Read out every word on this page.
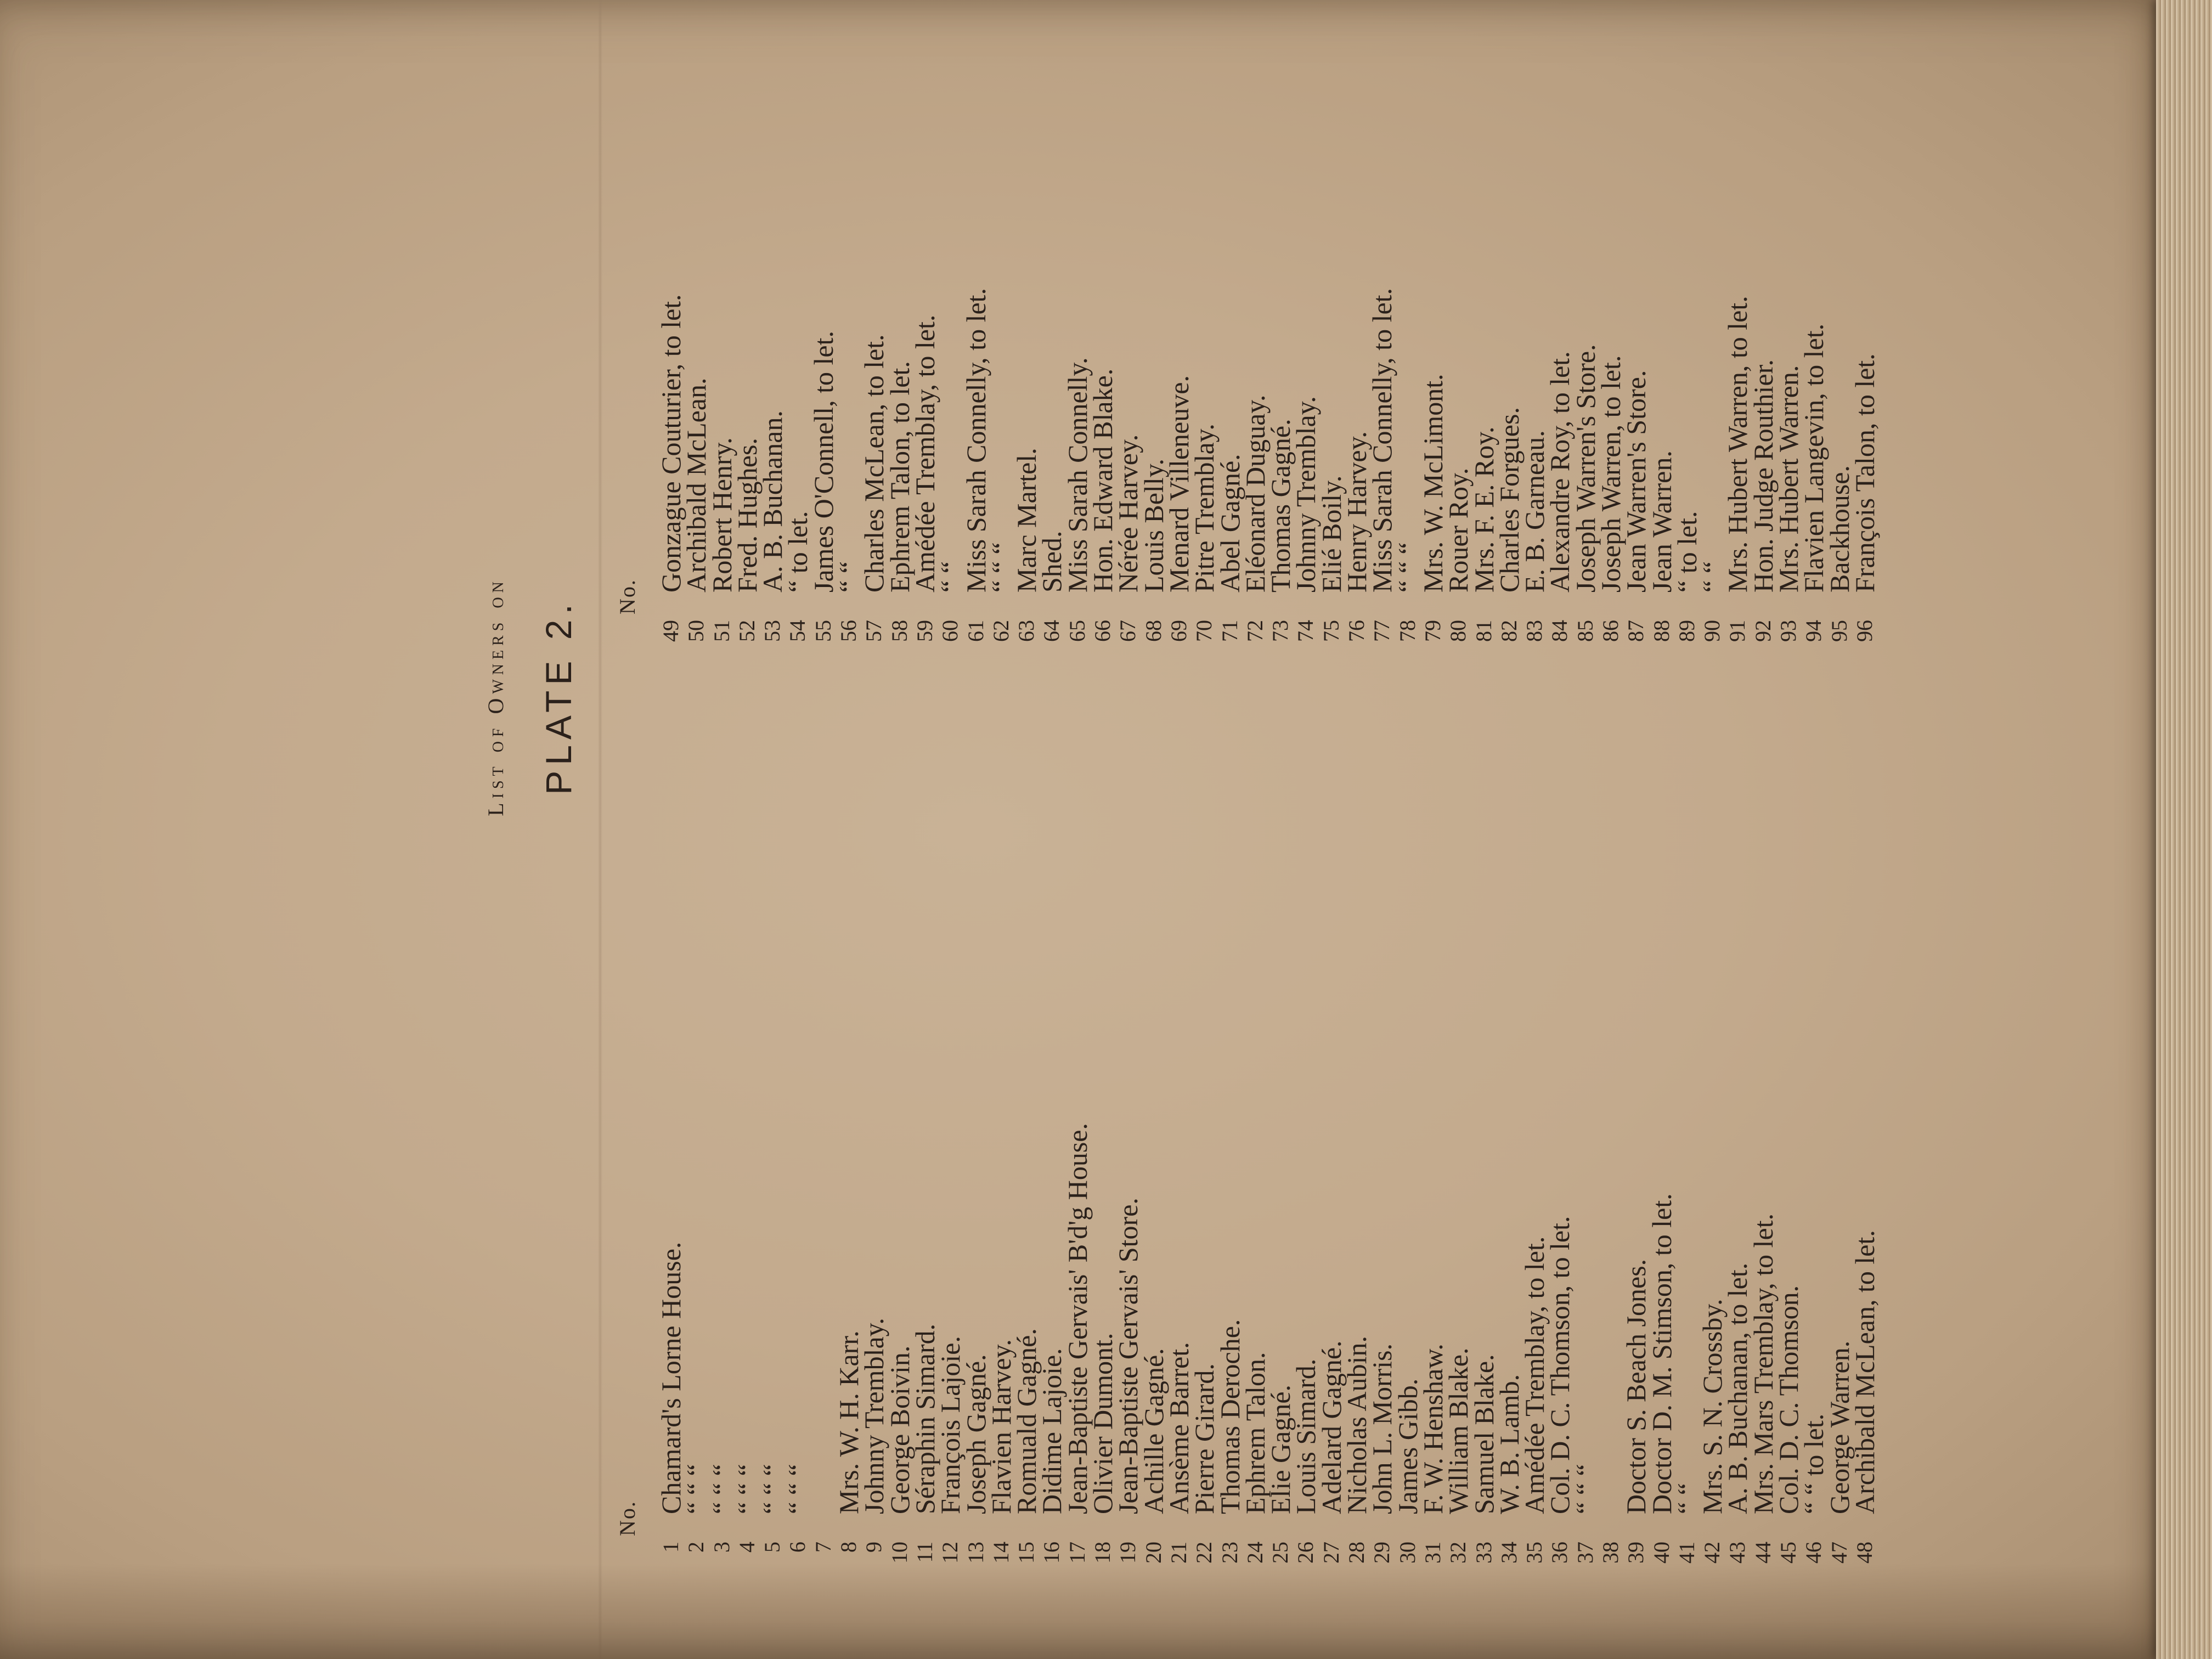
List of Owners on PLATE 2.
No.
No.
1Chamard's Lorne House.
2“ “ “
3“ “ “
4“ “ “
5“ “ “
6“ “ “
7 8Mrs. W. H. Karr.
9Johnny Tremblay.
10George Boivin.
11Séraphin Simard.
12François Lajoie.
13Joseph Gagné.
14Flavien Harvey.
15Romuald Gagné.
16Didime Lajoie.
17Jean-Baptiste Gervais' B'd'g House.
18Olivier Dumont.
19Jean-Baptiste Gervais' Store.
20Achille Gagné.
21Ansème Barret.
22Pierre Girard.
23Thomas Deroche.
24Ephrem Talon.
25Elie Gagné.
26Louis Simard.
27Adelard Gagné.
28Nicholas Aubin.
29John L. Morris.
30James Gibb.
31F. W. Henshaw.
32William Blake.
33Samuel Blake.
34W. B. Lamb.
35Amédée Tremblay, to let.
36Col. D. C. Thomson, to let.
37“ “ “
38 39Doctor S. Beach Jones.
40Doctor D. M. Stimson, to let.
41“ “
42Mrs. S. N. Crossby.
43A. B. Buchanan, to let.
44Mrs. Mars Tremblay, to let.
45Col. D. C. Thomson.
46“ “ to let.
47George Warren.
48Archibald McLean, to let.
49Gonzague Couturier, to let.
50Archibald McLean.
51Robert Henry.
52Fred. Hughes.
53A. B. Buchanan.
54“ to let.
55James O'Connell, to let.
56“ “
57Charles McLean, to let.
58Ephrem Talon, to let.
59Amédée Tremblay, to let.
60“ “
61Miss Sarah Connelly, to let.
62“ “ “
63Marc Martel.
64Shed.
65Miss Sarah Connelly.
66Hon. Edward Blake.
67Nérée Harvey.
68Louis Belly.
69Menard Villeneuve.
70Pitre Tremblay.
71Abel Gagné.
72Eléonard Duguay.
73Thomas Gagné.
74Johnny Tremblay.
75Elié Boily.
76Henry Harvey.
77Miss Sarah Connelly, to let.
78“ “ “
79Mrs. W. McLimont.
80Rouer Roy.
81Mrs. F. E. Roy.
82Charles Forgues.
83E. B. Garneau.
84Alexandre Roy, to let.
85Joseph Warren's Store.
86Joseph Warren, to let.
87Jean Warren's Store.
88Jean Warren.
89“ to let.
90“ “
91Mrs. Hubert Warren, to let.
92Hon. Judge Routhier.
93Mrs. Hubert Warren.
94Flavien Langevin, to let.
95Backhouse.
96François Talon, to let.
